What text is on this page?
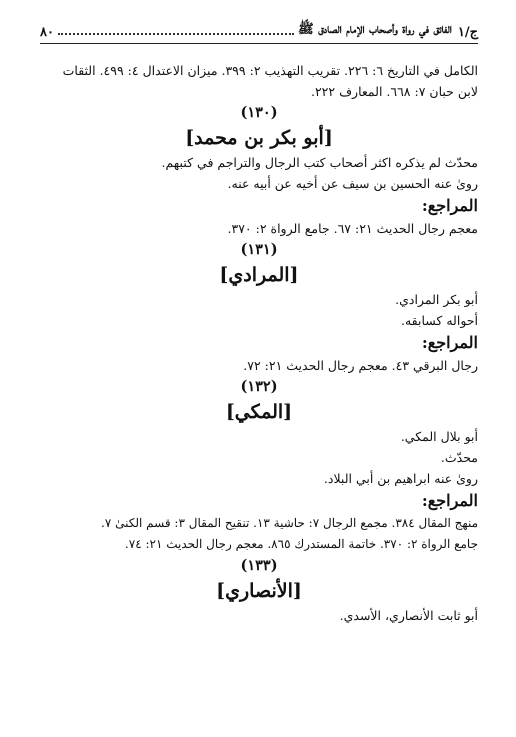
ج/١
الفائق في رواة وأصحاب الإمام الصادق ﷺ
٨٠

الكامل في التاريخ ٦: ٢٢٦. تقريب التهذيب ٢: ٣٩٩. ميزان الاعتدال ٤: ٤٩٩. الثقات

لابن حبان ٧: ٦٦٨. المعارف ٢٢٢.

(١٣٠)
[أبو بكر بن محمد]

محدّث لم يذكره اكثر أصحاب كتب الرجال والتراجم في كتبهم.

روىٰ عنه الحسين بن سيف عن أخيه عن أبيه عنه.

المراجع:

معجم رجال الحديث ٢١: ٦٧. جامع الرواة ٢: ٣٧٠.

(١٣١)
[المرادي]

أبو بكر المرادي.

أحواله كسابقه.

المراجع:

رجال البرقي ٤٣. معجم رجال الحديث ٢١: ٧٢.

(١٣٢)
[المكي]

أبو بلال المكي.

محدّث.

روىٰ عنه ابراهيم بن أبي البلاد.

المراجع:

منهج المقال ٣٨٤. مجمع الرجال ٧: حاشية ١٣. تنقيح المقال ٣: قسم الكنىٰ ٧.

جامع الرواة ٢: ٣٧٠. خاتمة المستدرك ٨٦٥. معجم رجال الحديث ٢١: ٧٤.

(١٣٣)
[الأنصاري]

أبو ثابت الأنصاري، الأسدي.
